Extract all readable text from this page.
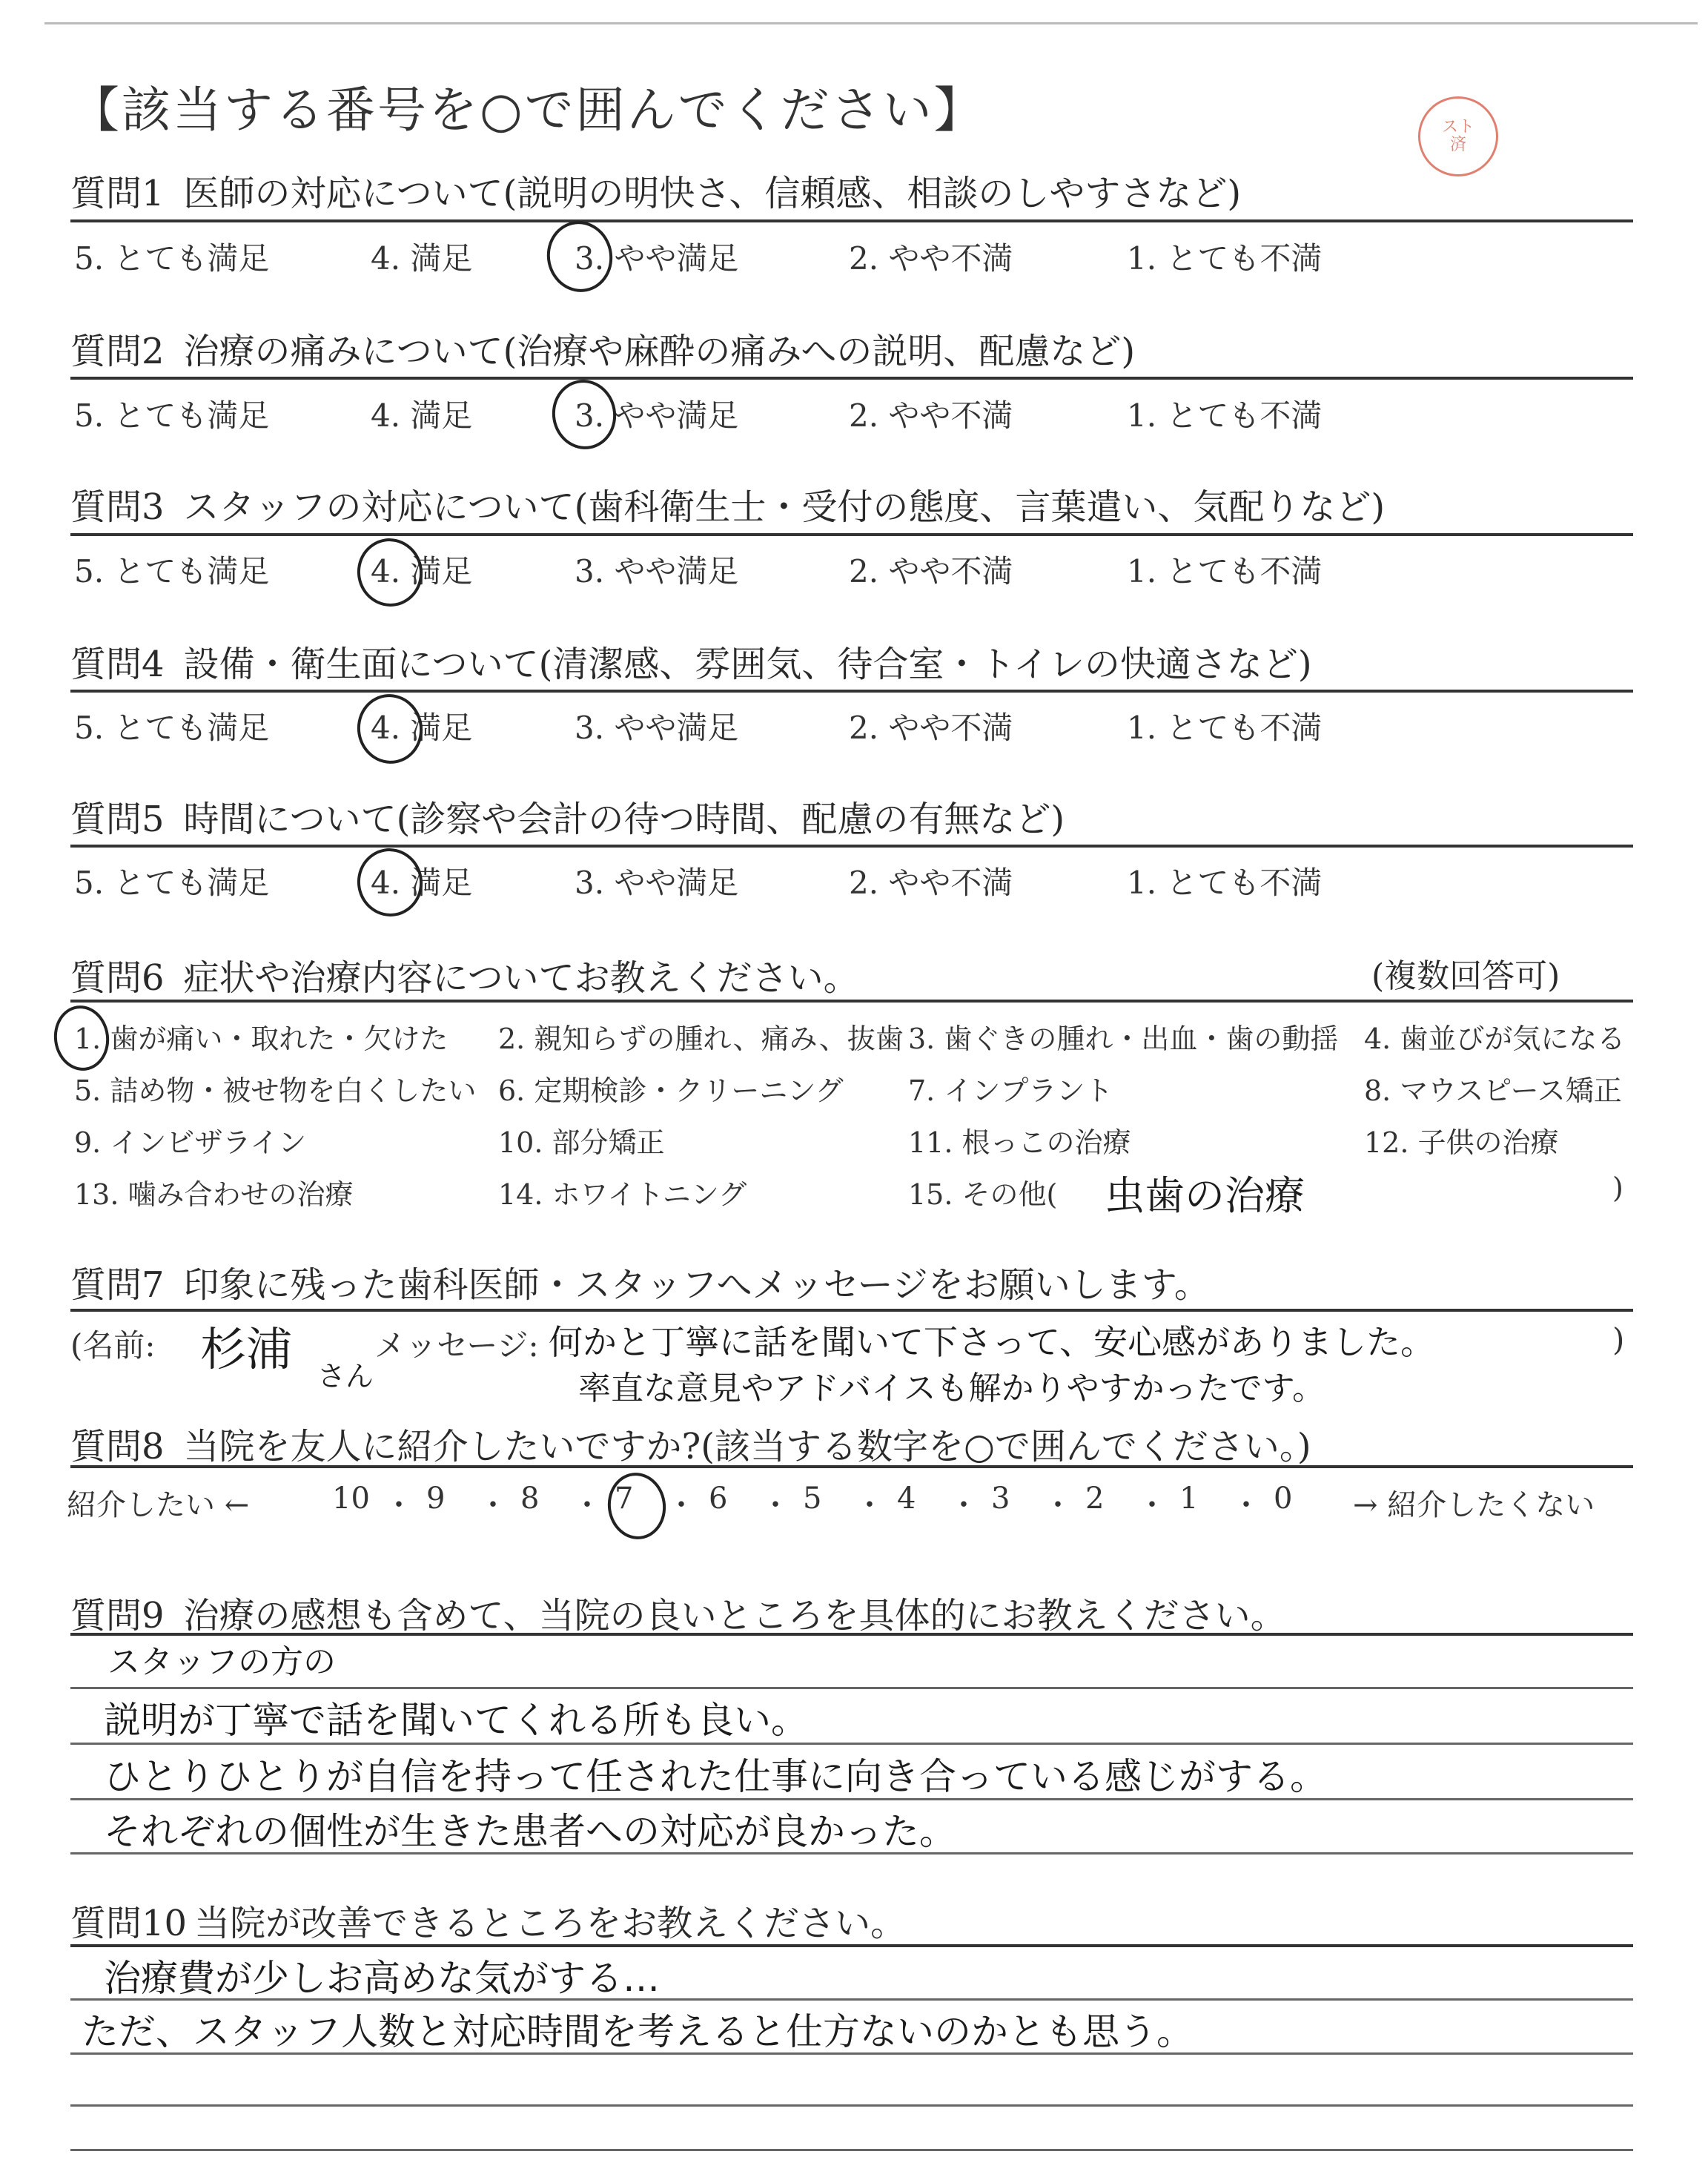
【該当する番号を○で囲んでください】	スト 済
質問1 医師の対応について(説明の明快さ、信頼感、相談のしやすさなど)
5. とても満足	4. 満足	3. やや満足	2. やや不満	1. とても不満
質問2 治療の痛みについて(治療や麻酔の痛みへの説明、配慮など)
5. とても満足	4. 満足	3. やや満足	2. やや不満	1. とても不満
質問3 スタッフの対応について(歯科衛生士・受付の態度、言葉遣い、気配りなど)
5. とても満足	4. 満足	3. やや満足	2. やや不満	1. とても不満
質問4 設備・衛生面について(清潔感、雰囲気、待合室・トイレの快適さなど)
5. とても満足	4. 満足	3. やや満足	2. やや不満	1. とても不満
質問5 時間について(診察や会計の待つ時間、配慮の有無など)
5. とても満足	4. 満足	3. やや満足	2. やや不満	1. とても不満
質問6 症状や治療内容についてお教えください。	(複数回答可)
1. 歯が痛い・取れた・欠けた 2. 親知らずの腫れ、痛み、抜歯 3. 歯ぐきの腫れ・出血・歯の動揺 4. 歯並びが気になる
5. 詰め物・被せ物を白くしたい 6. 定期検診・クリーニング 7. インプラント	8. マウスピース矯正
9. インビザライン	10. 部分矯正	11. 根っこの治療	12. 子供の治療
13. 噛み合わせの治療	14. ホワイトニング	15. その他( 虫歯の治療	)
質問7 印象に残った歯科医師・スタッフへメッセージをお願いします。
(名前: 杉浦 さん
メッセージ: 何かと丁寧に話を聞いて下さって、安心感がありました。
率直な意見やアドバイスも解かりやすかったです。
)
質問8 当院を友人に紹介したいですか?(該当する数字を○で囲んでください。)
紹介したい ←	→ 紹介したくない
10 ・ 9 ・ 8 ・ 7 ・ 6 ・ 5 ・ 4 ・ 3 ・ 2 ・ 1 ・ 0
質問9 治療の感想も含めて、当院の良いところを具体的にお教えください。
スタッフの方の
説明が丁寧で話を聞いてくれる所も良い。
ひとりひとりが自信を持って任された仕事に向き合っている感じがする。
それぞれの個性が生きた患者への対応が良かった。
質問10 当院が改善できるところをお教えください。
治療費が少しお高めな気がする…
ただ、スタッフ人数と対応時間を考えると仕方ないのかとも思う。
